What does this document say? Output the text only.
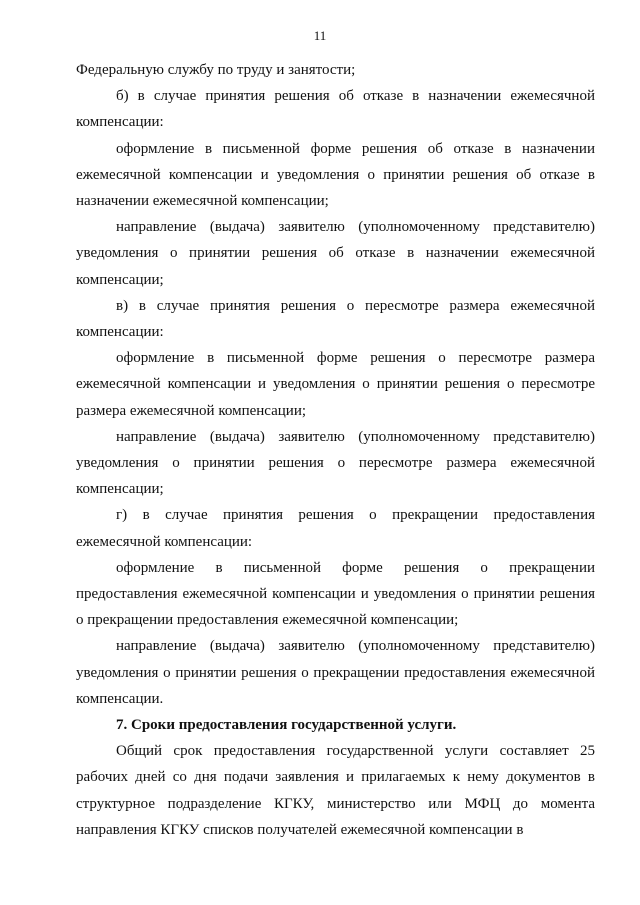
11

Федеральную службу по труду и занятости;

б) в случае принятия решения об отказе в назначении ежемесячной компенсации:

оформление в письменной форме решения об отказе в назначении ежемесячной компенсации и уведомления о принятии решения об отказе в назначении ежемесячной компенсации;

направление (выдача) заявителю (уполномоченному представителю) уведомления о принятии решения об отказе в назначении ежемесячной компенсации;

в) в случае принятия решения о пересмотре размера ежемесячной компенсации:

оформление в письменной форме решения о пересмотре размера ежемесячной компенсации и уведомления о принятии решения о пересмотре размера ежемесячной компенсации;

направление (выдача) заявителю (уполномоченному представителю) уведомления о принятии решения о пересмотре размера ежемесячной компенсации;

г) в случае принятия решения о прекращении предоставления ежемесячной компенсации:

оформление в письменной форме решения о прекращении предоставления ежемесячной компенсации и уведомления о принятии решения о прекращении предоставления ежемесячной компенсации;

направление (выдача) заявителю (уполномоченному представителю) уведомления о принятии решения о прекращении предоставления ежемесячной компенсации.

7. Сроки предоставления государственной услуги.

Общий срок предоставления государственной услуги составляет 25 рабочих дней со дня подачи заявления и прилагаемых к нему документов в структурное подразделение КГКУ, министерство или МФЦ до момента направления КГКУ списков получателей ежемесячной компенсации в
